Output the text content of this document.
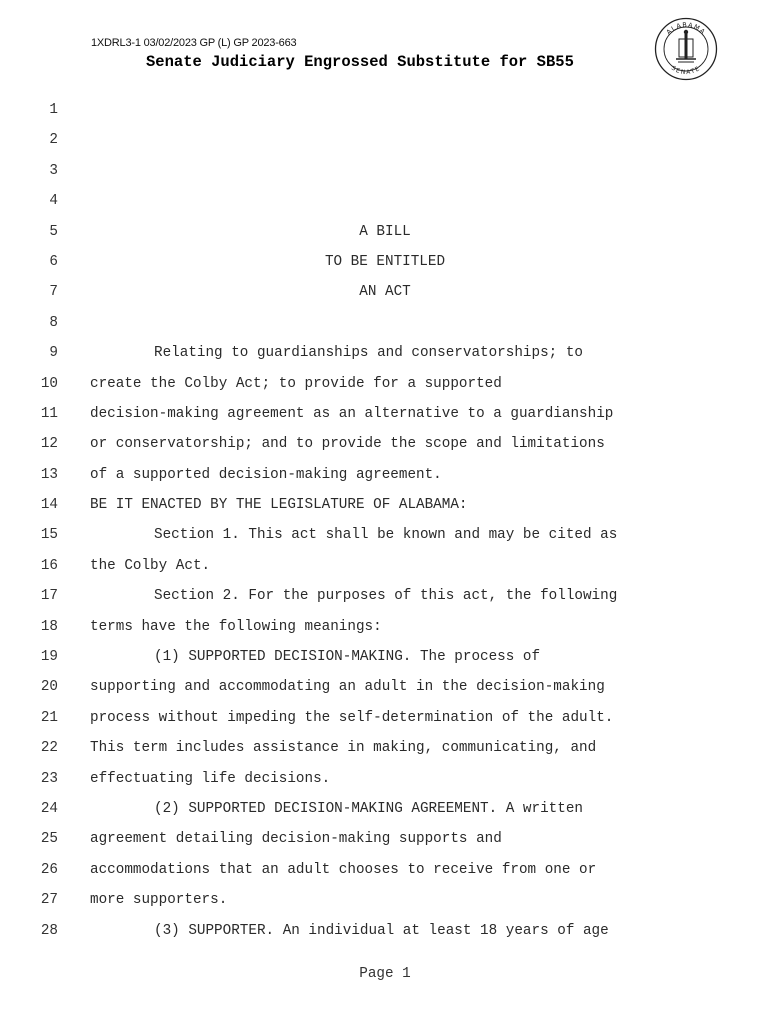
1XDRL3-1 03/02/2023 GP (L) GP 2023-663
Senate Judiciary Engrossed Substitute for SB55
ALABAMA
SENATE
1
2
3
4
5	A BILL
6	TO BE ENTITLED
7	AN ACT
8
9	Relating to guardianships and conservatorships; to
10 create the Colby Act; to provide for a supported
11 decision-making agreement as an alternative to a guardianship
12 or conservatorship; and to provide the scope and limitations
13 of a supported decision-making agreement.
14 BE IT ENACTED BY THE LEGISLATURE OF ALABAMA:
15	Section 1. This act shall be known and may be cited as
16 the Colby Act.
17	Section 2. For the purposes of this act, the following
18 terms have the following meanings:
19	(1) SUPPORTED DECISION-MAKING. The process of
20 supporting and accommodating an adult in the decision-making
21 process without impeding the self-determination of the adult.
22 This term includes assistance in making, communicating, and
23 effectuating life decisions.
24	(2) SUPPORTED DECISION-MAKING AGREEMENT. A written
25 agreement detailing decision-making supports and
26 accommodations that an adult chooses to receive from one or
27 more supporters.
28	(3) SUPPORTER. An individual at least 18 years of age
Page 1
